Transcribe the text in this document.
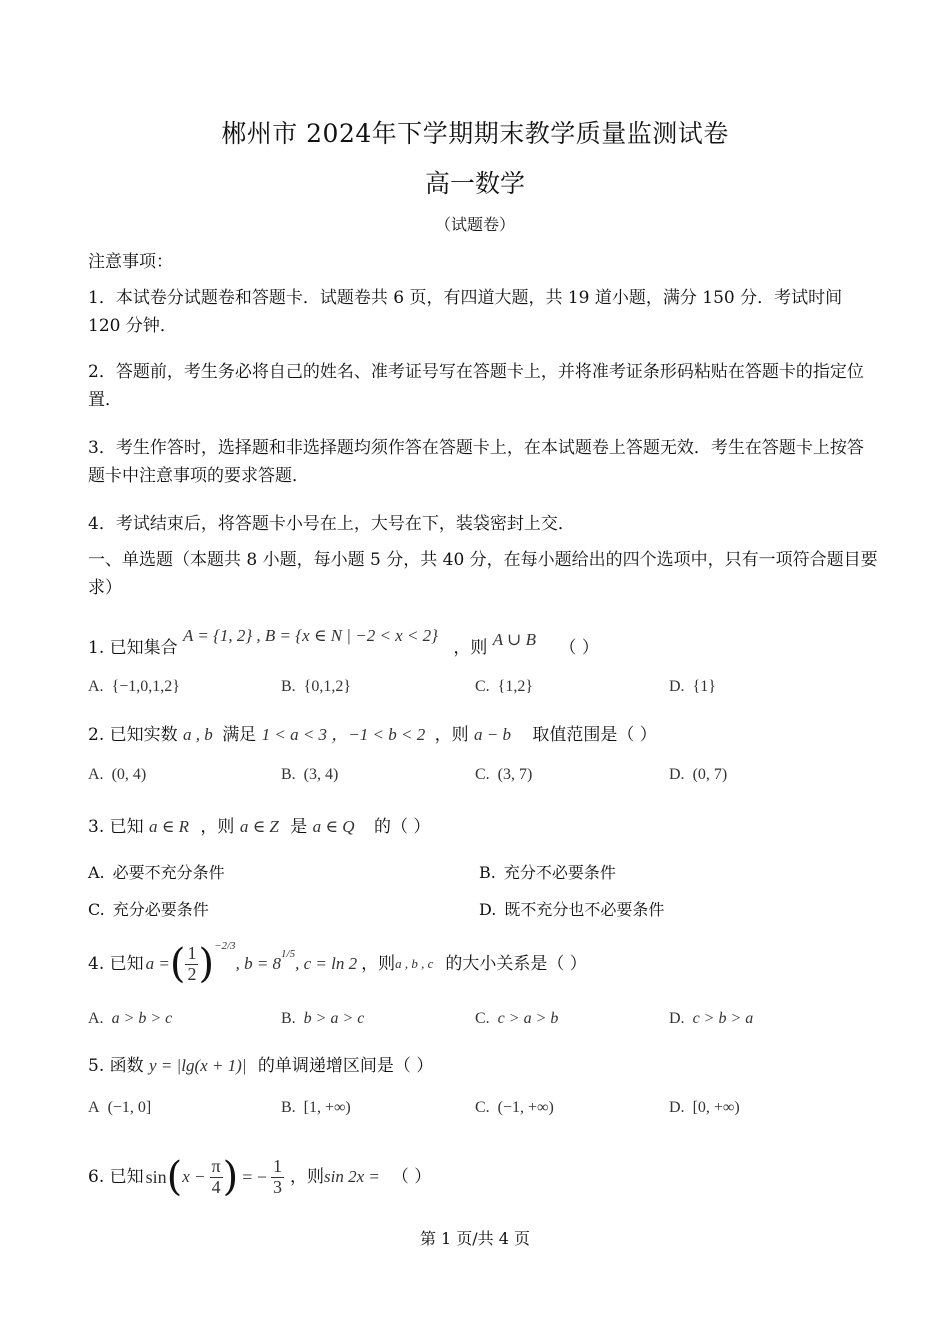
郴州市 2024年下学期期末教学质量监测试卷
高一数学
（试题卷）
注意事项：
1．本试卷分试题卷和答题卡．试题卷共 6 页，有四道大题，共 19 道小题，满分 150 分．考试时间 120 分钟．
2．答题前，考生务必将自己的姓名、准考证号写在答题卡上，并将准考证条形码粘贴在答题卡的指定位置．
3．考生作答时，选择题和非选择题均须作答在答题卡上，在本试题卷上答题无效．考生在答题卡上按答题卡中注意事项的要求答题．
4．考试结束后，将答题卡小号在上，大号在下，装袋密封上交．
一、单选题（本题共 8 小题，每小题 5 分，共 40 分，在每小题给出的四个选项中，只有一项符合题目要求）
1. 已知集合 A = {1, 2} , B = {x ∈ N | −2 < x < 2} ，则 A ∪ B （ ）
A. {−1,0,1,2}	B. {0,1,2}	C. {1,2}	D. {1}
2. 已知实数 a , b 满足 1 < a < 3 ，−1 < b < 2 ，则 a − b 取值范围是（ ）
A. (0, 4)	B. (3, 4)	C. (3, 7)	D. (0, 7)
3. 已知 a ∈ R ，则 a ∈ Z 是 a ∈ Q 的（ ）
A. 必要不充分条件	B. 充分不必要条件
C. 充分必要条件	D. 既不充分也不必要条件
4. 已知 a = ( $\frac{1}{2}$ ) −2/3
, b = 8 1/5 , c = ln 2 ，则 a , b , c 的大小关系是（ ）
A. a > b > c	B. b > a > c	C. c > a > b	D. c > b > a
5. 函数 y = |lg(x + 1)| 的单调递增区间是（ ）
A (−1, 0]	B. [1, +∞)	C. (−1, +∞)	D. [0, +∞)
6. 已知 sin ( $x - \frac{\pi}{4}$ ) = − $\frac{1}{3}$ ，则 sin 2x = （ ）
第 1 页/共 4 页
